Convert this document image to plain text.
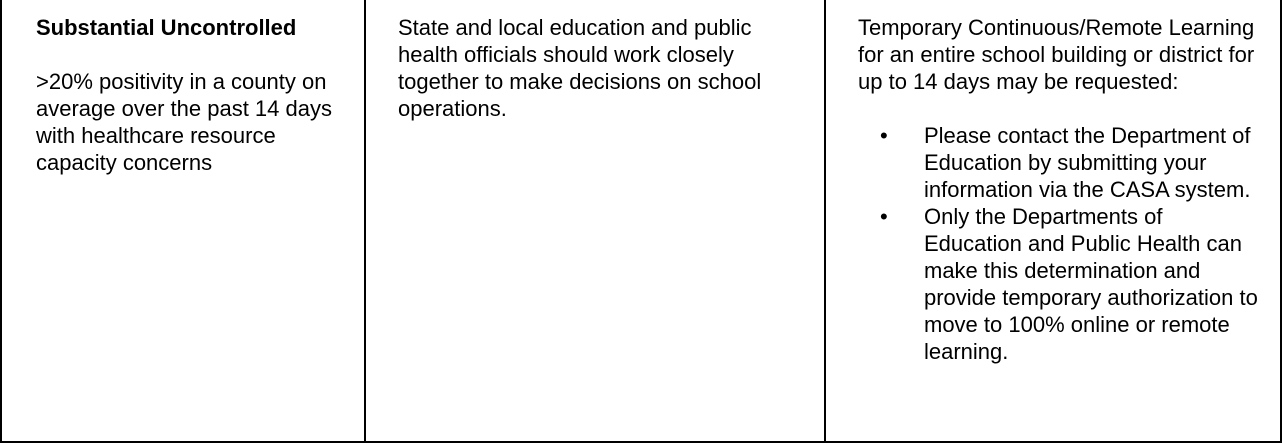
Substantial Uncontrolled

>20% positivity in a county on average over the past 14 days with healthcare resource capacity concerns

State and local education and public health officials should work closely together to make decisions on school operations.

Temporary Continuous/Remote Learning for an entire school building or district for up to 14 days may be requested:

• Please contact the Department of Education by submitting your information via the CASA system.
• Only the Departments of Education and Public Health can make this determination and provide temporary authorization to move to 100% online or remote learning.
